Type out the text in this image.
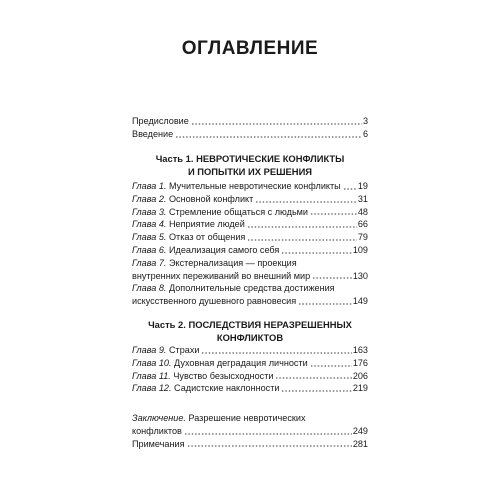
ОГЛАВЛЕНИЕ
Предисловие	3
Введение	6
Часть 1. НЕВРОТИЧЕСКИЕ КОНФЛИКТЫ
И ПОПЫТКИ ИХ РЕШЕНИЯ
Глава 1. Мучительные невротические конфликты 19
Глава 2. Основной конфликт	31
Глава 3. Стремление общаться с людьми	48
Глава 4. Неприятие людей	66
Глава 5. Отказ от общения	79
Глава 6. Идеализация самого себя	109
Глава 7. Экстернализация — проекция
внутренних переживаний во внешний мир	130
Глава 8. Дополнительные средства достижения
искусственного душевного равновесия	149
Часть 2. ПОСЛЕДСТВИЯ НЕРАЗРЕШЕННЫХ
КОНФЛИКТОВ
Глава 9. Страхи	163
Глава 10. Духовная деградация личности	176
Глава 11. Чувство безысходности	206
Глава 12. Садистские наклонности	219
Заключение. Разрешение невротических
конфликтов	249
Примечания	281
